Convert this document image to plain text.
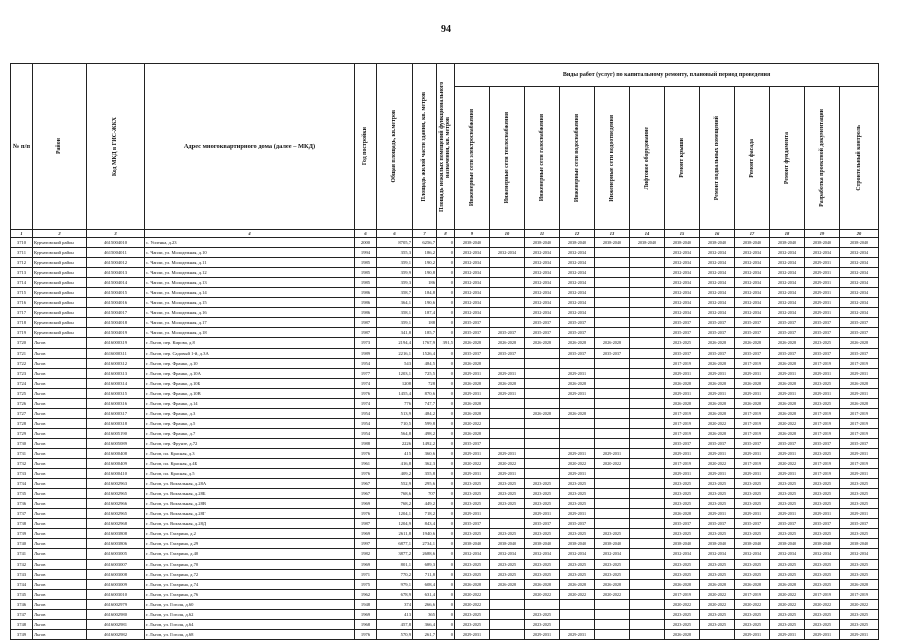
94
№ п/п	Район	Код МКД в ГИС-ЖКХ	Адрес многоквартирного дома (далее – МКД)	Год постройки	Общая площадь, кв.метров	Площадь жилой части здания, кв. метров	Площадь нежилых помещений функционального назначения, кв. метров	Виды работ (услуг) по капитальному ремонту, плановый период проведения											

								Инженерные сети электроснабжения	Инженерные сети теплоснабжения	Инженерные сети газоснабжения	Инженерные сети водоснабжения	Инженерные сети водоотведения	Лифтовое оборудование	Ремонт крыши	Ремонт подвальных помещений	Ремонт фасада	Ремонт фундамента	Разработка проектной документации	Строительный контроль

1	2	3	4	6	6	7	8	9	10	11	12	13	14	15	16	17	18	19	20
3710	Курчатовский район	4615004010	с. Успенка, д.23	2000	8705,7	6256,7	0	2038-2040		2038-2040	2038-2040	2038-2040	2038-2040	2038-2040	2038-2040	2038-2040	2038-2040	2038-2040	2038-2040
3711	Курчатовский район	4615004011	с. Чапли, ул. Молодежная, д.10	1994	355,3	186,2	0	2032-2034	2032-2034	2032-2034	2032-2034			2032-2034	2032-2034	2032-2034	2032-2034	2032-2034	2032-2034
3712	Курчатовский район	4615004012	с. Чапли, ул. Молодежная, д.11	1985	359,1	190,2	0	2032-2034		2032-2034	2032-2034			2032-2034	2032-2034	2032-2034	2032-2034	2029-2031	2032-2034
3713	Курчатовский район	4615004013	с. Чапли, ул. Молодежная, д.12	1985	359,9	190,8	0	2032-2034		2032-2034	2032-2034			2032-2034	2032-2034	2032-2034	2032-2034	2029-2031	2032-2034
3714	Курчатовский район	4615004014	с. Чапли, ул. Молодежная, д.13	1985	359,3	186	0	2032-2034		2032-2034	2032-2034			2032-2034	2032-2034	2032-2034	2032-2034	2029-2031	2032-2034
3715	Курчатовский район	4615004015	с. Чапли, ул. Молодежная, д.14	1986	358,7	184,8	0	2032-2034		2032-2034	2032-2034			2032-2034	2032-2034	2032-2034	2032-2034	2029-2031	2032-2034
3716	Курчатовский район	4615004016	с. Чапли, ул. Молодежная, д.15	1986	364,1	190,6	0	2032-2034		2032-2034	2032-2034			2032-2034	2032-2034	2032-2034	2032-2034	2029-2031	2032-2034
3717	Курчатовский район	4615004017	с. Чапли, ул. Молодежная, д.16	1986	358,1	187,4	0	2032-2034		2032-2034	2032-2034			2032-2034	2032-2034	2032-2034	2032-2034	2029-2031	2032-2034
3718	Курчатовский район	4615004018	с. Чапли, ул. Молодежная, д.17	1987	359,1	188	0	2035-2037		2035-2037	2035-2037			2035-2037	2035-2037	2035-2037	2035-2037	2035-2037	2035-2037
3719	Курчатовский район	4615004019	с. Чапли, ул. Молодежная, д.18	1987	341,8	185,7	0	2035-2037	2035-2037	2035-2037	2035-2037			2035-2037	2035-2037	2035-2037	2035-2037	2035-2037	2035-2037
3720	Льгов	4616000319	г. Льгов, пер. Кирова, д.8	1973	2194,4	1767,9	391,5	2026-2028	2026-2028	2026-2028	2026-2028	2026-2028		2023-2025	2026-2028	2026-2028	2026-2028	2023-2025	2026-2028
3721	Льгов	4616000311	г. Льгов, пер. Садовый 1-й, д.3А	1989	2216,1	1526,4	0	2035-2037	2035-2037		2035-2037	2035-2037		2035-2037	2035-2037	2035-2037	2035-2037	2035-2037	2035-2037
3722	Льгов	4616000312	г. Льгов, пер. Франко, д.10	1954	543	484,5	0	2026-2028						2017-2019	2026-2028	2017-2019	2026-2028	2017-2019	2017-2019
3723	Льгов	4616000313	г. Льгов, пер. Франко, д.10А	1977	1203,1	725,5	0	2029-2031	2029-2031		2029-2031			2029-2031	2029-2031	2029-2031	2029-2031	2029-2031	2029-2031
3724	Льгов	4616000314	г. Льгов, пер. Франко, д.10Б	1974	1208	728	0	2026-2028	2026-2028		2026-2028			2026-2028	2026-2028	2026-2028	2026-2028	2023-2025	2026-2028
3725	Льгов	4616000315	г. Льгов, пер. Франко, д.10В	1976	1455,4	870,6	0	2029-2031	2029-2031		2029-2031			2029-2031	2029-2031	2029-2031	2029-2031	2029-2031	2029-2031
3726	Льгов	4616000316	г. Льгов, пер. Франко, д.14	1974	776	747,7	0	2026-2028						2026-2028	2026-2028	2026-2028	2026-2028	2023-2025	2026-2028
3727	Льгов	4616000317	г. Льгов, пер. Франко, д.3	1954	513,9	484,2	0	2026-2028		2026-2028	2026-2028			2017-2019	2026-2028	2017-2019	2026-2028	2017-2019	2017-2019
3728	Льгов	4616000318	г. Льгов, пер. Франко, д.5	1954	710,5	599,8	0	2020-2022						2017-2019	2020-2022	2017-2019	2020-2022	2017-2019	2017-2019
3729	Льгов	4616005190	г. Льгов, пер. Франко, д.7	1954	564,8	498,2	0	2026-2028						2017-2019	2026-2028	2017-2019	2026-2028	2017-2019	2017-2019
3730	Льгов	4616005089	г. Льгов, пер. Фрунзе, д.72	1988	2226	1492,2	0	2035-2037						2035-2037	2035-2037	2035-2037	2035-2037	2035-2037	2035-2037
3731	Льгов	4616000408	г. Льгов, пл. Красная, д.3	1976	415	360,6	0	2029-2031	2029-2031		2029-2031	2029-2031		2029-2031	2029-2031	2029-2031	2029-2031	2023-2025	2029-2031
3732	Льгов	4616000409	г. Льгов, пл. Красная, д.4Б	1961	416,8	362,3	0	2020-2022	2020-2022		2020-2022	2020-2022		2017-2019	2020-2022	2017-2019	2020-2022	2017-2019	2017-2019
3733	Льгов	4616000410	г. Льгов, пл. Красная, д.5	1976	409,2	355,8	0	2029-2031	2029-2031		2029-2031			2029-2031	2029-2031	2029-2031	2029-2031	2017-2019	2029-2031
3734	Льгов	4616002963	г. Льгов, ул. Вокзальная, д.28А	1967	552,9	295,6	0	2023-2025	2023-2025	2023-2025	2023-2025			2023-2025	2023-2025	2023-2025	2023-2025	2023-2025	2023-2025
3735	Льгов	4616002965	г. Льгов, ул. Вокзальная, д.28Б	1967	768,6	707	0	2023-2025	2023-2025	2023-2025	2023-2025			2023-2025	2023-2025	2023-2025	2023-2025	2023-2025	2023-2025
3736	Льгов	4616002966	г. Льгов, ул. Вокзальная, д.28В	1969	768,2	449,2	0	2023-2025	2023-2025	2023-2025	2023-2025			2023-2025	2023-2025	2023-2025	2023-2025	2023-2025	2023-2025
3737	Льгов	4616002965	г. Льгов, ул. Вокзальная, д.28Г	1976	1204,1	718,2	0	2029-2031		2029-2031	2029-2031			2026-2028	2029-2031	2029-2031	2029-2031	2029-2031	2029-2031
3738	Льгов	4616002968	г. Льгов, ул. Вокзальная, д.28Д	1987	1204,9	843,4	0	2035-2037		2035-2037	2035-2037			2035-2037	2035-2037	2035-2037	2035-2037	2035-2037	2035-2037
3739	Льгов	4616003808	г. Льгов, ул. Гагарина, д.2	1969	2611,8	1940,6	0	2023-2025	2023-2025	2023-2025	2023-2025	2023-2025		2023-2025	2023-2025	2023-2025	2023-2025	2023-2025	2023-2025
3740	Льгов	4616003806	г. Льгов, ул. Гагарина, д.29	1997	6877,1	2734,1	0	2038-2040	2038-2040	2038-2040	2038-2040	2038-2040		2038-2040	2038-2040	2038-2040	2038-2040	2038-2040	2038-2040
3741	Льгов	4616003005	г. Льгов, ул. Гагарина, д.40	1982	3877,2	2688,6	0	2032-2034	2032-2034	2032-2034	2032-2034	2032-2034		2032-2034	2032-2034	2032-2034	2032-2034	2032-2034	2032-2034
3742	Льгов	4616003007	г. Льгов, ул. Гагарина, д.70	1969	801,1	689,3	0	2023-2025	2023-2025	2023-2025	2023-2025	2023-2025		2023-2025	2023-2025	2023-2025	2023-2025	2023-2025	2023-2025
3743	Льгов	4616003008	г. Льгов, ул. Гагарина, д.72	1971	770,2	711,8	0	2023-2025	2023-2025	2023-2025	2023-2025	2023-2025		2023-2025	2023-2025	2023-2025	2023-2025	2023-2025	2023-2025
3744	Льгов	4616003009	г. Льгов, ул. Гагарина, д.74	1975	979,1	608,4	0	2026-2028	2026-2028	2026-2028	2026-2028	2026-2028		2026-2028	2026-2028	2026-2028	2026-2028	2023-2025	2026-2028
3745	Льгов	4616003010	г. Льгов, ул. Гагарина, д.76	1962	678,9	631,4	0	2020-2022		2020-2022	2020-2022	2020-2022		2017-2019	2020-2022	2017-2019	2020-2022	2017-2019	2017-2019
3746	Льгов	4616002979	г. Льгов, ул. Гоголя, д.60	1948	374	266,6	0	2020-2022						2020-2022	2020-2022	2020-2022	2020-2022	2020-2022	2020-2022
3747	Льгов	4616002980	г. Льгов, ул. Гоголя, д.62	1969	413	365	0	2023-2025		2023-2025				2023-2025	2023-2025	2023-2025	2023-2025	2023-2025	2023-2025
3748	Льгов	4616002981	г. Льгов, ул. Гоголя, д.64	1968	457,8	366,4	0	2023-2025		2023-2025				2023-2025	2023-2025	2023-2025	2023-2025	2023-2025	2023-2025
3749	Льгов	4616002982	г. Льгов, ул. Гоголя, д.68	1976	570,9	261,7	0	2029-2031		2029-2031	2029-2031			2026-2028		2029-2031	2029-2031	2029-2031	2029-2031
